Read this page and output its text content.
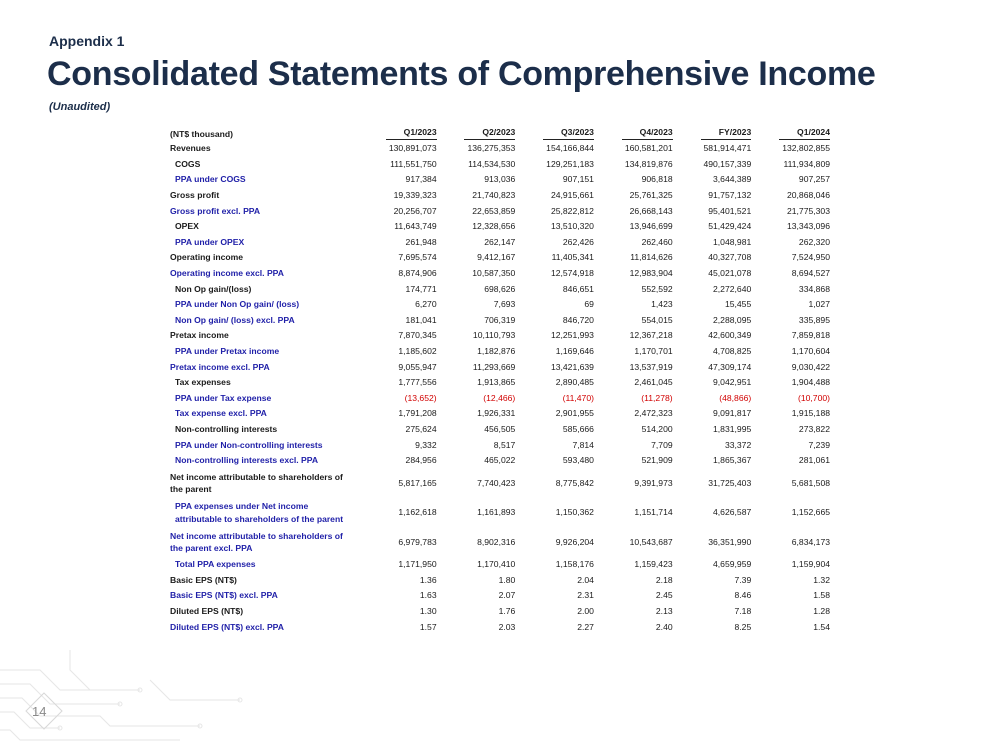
Appendix 1
Consolidated Statements of Comprehensive Income
(Unaudited)
(NT$ thousand)	Q1/2023	Q2/2023	Q3/2023	Q4/2023	FY/2023	Q1/2024
Revenues	130,891,073	136,275,353	154,166,844	160,581,201	581,914,471	132,802,855
COGS	111,551,750	114,534,530	129,251,183	134,819,876	490,157,339	111,934,809
PPA under COGS	917,384	913,036	907,151	906,818	3,644,389	907,257
Gross profit	19,339,323	21,740,823	24,915,661	25,761,325	91,757,132	20,868,046
Gross profit excl. PPA	20,256,707	22,653,859	25,822,812	26,668,143	95,401,521	21,775,303
OPEX	11,643,749	12,328,656	13,510,320	13,946,699	51,429,424	13,343,096
PPA under OPEX	261,948	262,147	262,426	262,460	1,048,981	262,320
Operating income	7,695,574	9,412,167	11,405,341	11,814,626	40,327,708	7,524,950
Operating income excl. PPA	8,874,906	10,587,350	12,574,918	12,983,904	45,021,078	8,694,527
Non Op gain/(loss)	174,771	698,626	846,651	552,592	2,272,640	334,868
PPA under Non Op gain/ (loss)	6,270	7,693	69	1,423	15,455	1,027
Non Op gain/ (loss) excl. PPA	181,041	706,319	846,720	554,015	2,288,095	335,895
Pretax income	7,870,345	10,110,793	12,251,993	12,367,218	42,600,349	7,859,818
PPA under Pretax income	1,185,602	1,182,876	1,169,646	1,170,701	4,708,825	1,170,604
Pretax income excl. PPA	9,055,947	11,293,669	13,421,639	13,537,919	47,309,174	9,030,422
Tax expenses	1,777,556	1,913,865	2,890,485	2,461,045	9,042,951	1,904,488
PPA under Tax expense	(13,652)	(12,466)	(11,470)	(11,278)	(48,866)	(10,700)
Tax expense excl. PPA	1,791,208	1,926,331	2,901,955	2,472,323	9,091,817	1,915,188
Non-controlling interests	275,624	456,505	585,666	514,200	1,831,995	273,822
PPA under Non-controlling interests	9,332	8,517	7,814	7,709	33,372	7,239
Non-controlling interests excl. PPA	284,956	465,022	593,480	521,909	1,865,367	281,061
Net income attributable to shareholders of the parent	5,817,165	7,740,423	8,775,842	9,391,973	31,725,403	5,681,508
PPA expenses under Net income attributable to shareholders of the parent	1,162,618	1,161,893	1,150,362	1,151,714	4,626,587	1,152,665
Net income attributable to shareholders of the parent excl. PPA	6,979,783	8,902,316	9,926,204	10,543,687	36,351,990	6,834,173
Total PPA expenses	1,171,950	1,170,410	1,158,176	1,159,423	4,659,959	1,159,904
Basic EPS (NT$)	1.36	1.80	2.04	2.18	7.39	1.32
Basic EPS (NT$) excl. PPA	1.63	2.07	2.31	2.45	8.46	1.58
Diluted EPS (NT$)	1.30	1.76	2.00	2.13	7.18	1.28
Diluted EPS (NT$) excl. PPA	1.57	2.03	2.27	2.40	8.25	1.54
14
